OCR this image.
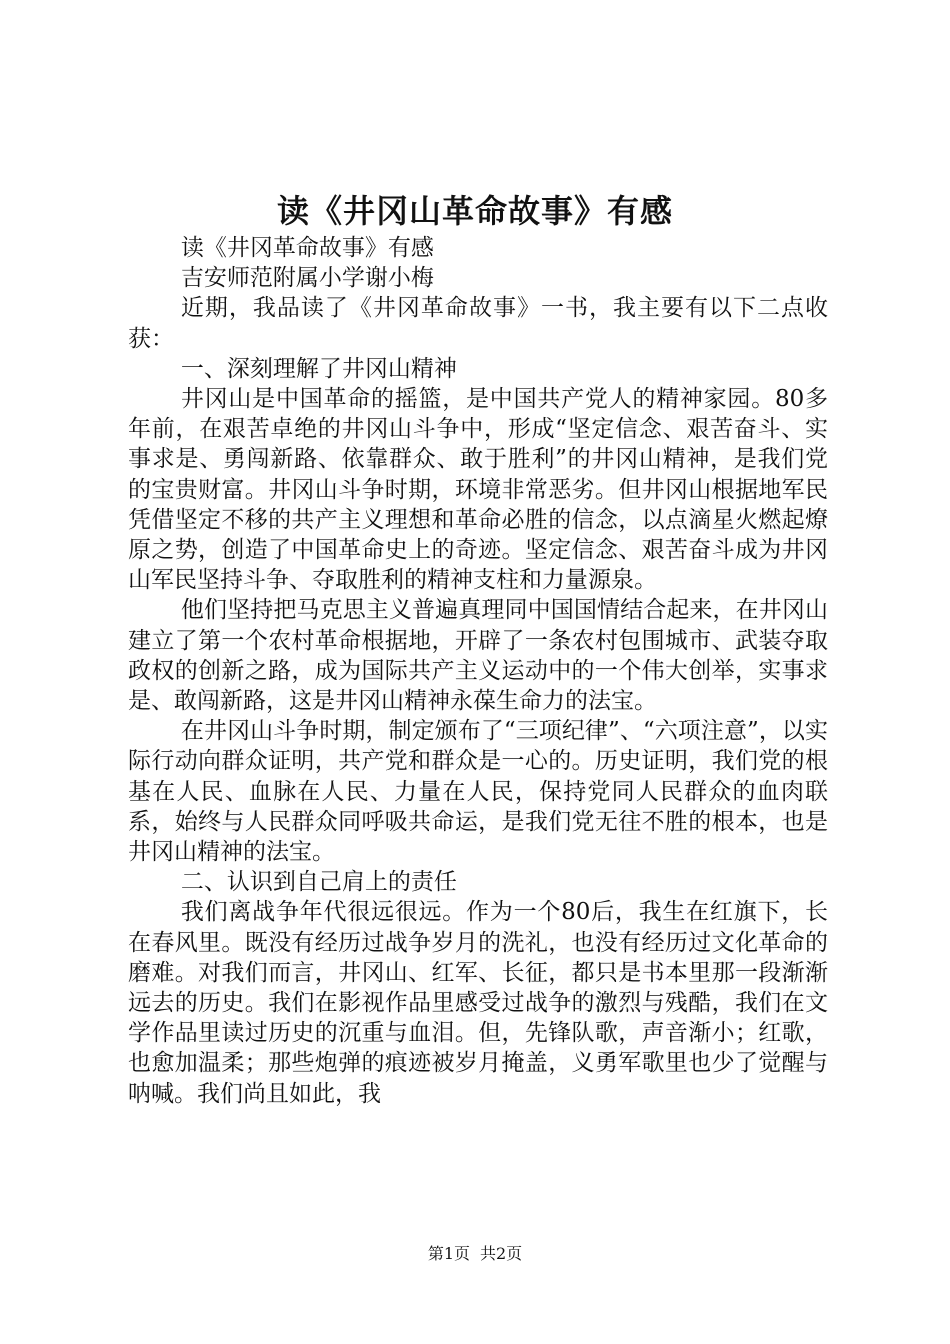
读《井冈山革命故事》有感

读《井冈革命故事》有感

吉安师范附属小学谢小梅

近期，我品读了《井冈革命故事》一书，我主要有以下二点收获：

一、深刻理解了井冈山精神

井冈山是中国革命的摇篮，是中国共产党人的精神家园。80多年前，在艰苦卓绝的井冈山斗争中，形成“坚定信念、艰苦奋斗、实事求是、勇闯新路、依靠群众、敢于胜利”的井冈山精神，是我们党的宝贵财富。井冈山斗争时期，环境非常恶劣。但井冈山根据地军民凭借坚定不移的共产主义理想和革命必胜的信念，以点滴星火燃起燎原之势，创造了中国革命史上的奇迹。坚定信念、艰苦奋斗成为井冈山军民坚持斗争、夺取胜利的精神支柱和力量源泉。

他们坚持把马克思主义普遍真理同中国国情结合起来，在井冈山建立了第一个农村革命根据地，开辟了一条农村包围城市、武装夺取政权的创新之路，成为国际共产主义运动中的一个伟大创举，实事求是、敢闯新路，这是井冈山精神永葆生命力的法宝。

在井冈山斗争时期，制定颁布了“三项纪律”、“六项注意”，以实际行动向群众证明，共产党和群众是一心的。历史证明，我们党的根基在人民、血脉在人民、力量在人民，保持党同人民群众的血肉联系，始终与人民群众同呼吸共命运，是我们党无往不胜的根本，也是井冈山精神的法宝。

二、认识到自己肩上的责任

我们离战争年代很远很远。作为一个80后，我生在红旗下，长在春风里。既没有经历过战争岁月的洗礼，也没有经历过文化革命的磨难。对我们而言，井冈山、红军、长征，都只是书本里那一段渐渐远去的历史。我们在影视作品里感受过战争的激烈与残酷，我们在文学作品里读过历史的沉重与血泪。但，先锋队歌，声音渐小；红歌，也愈加温柔；那些炮弹的痕迹被岁月掩盖，义勇军歌里也少了觉醒与呐喊。我们尚且如此，我

第1页 共2页
